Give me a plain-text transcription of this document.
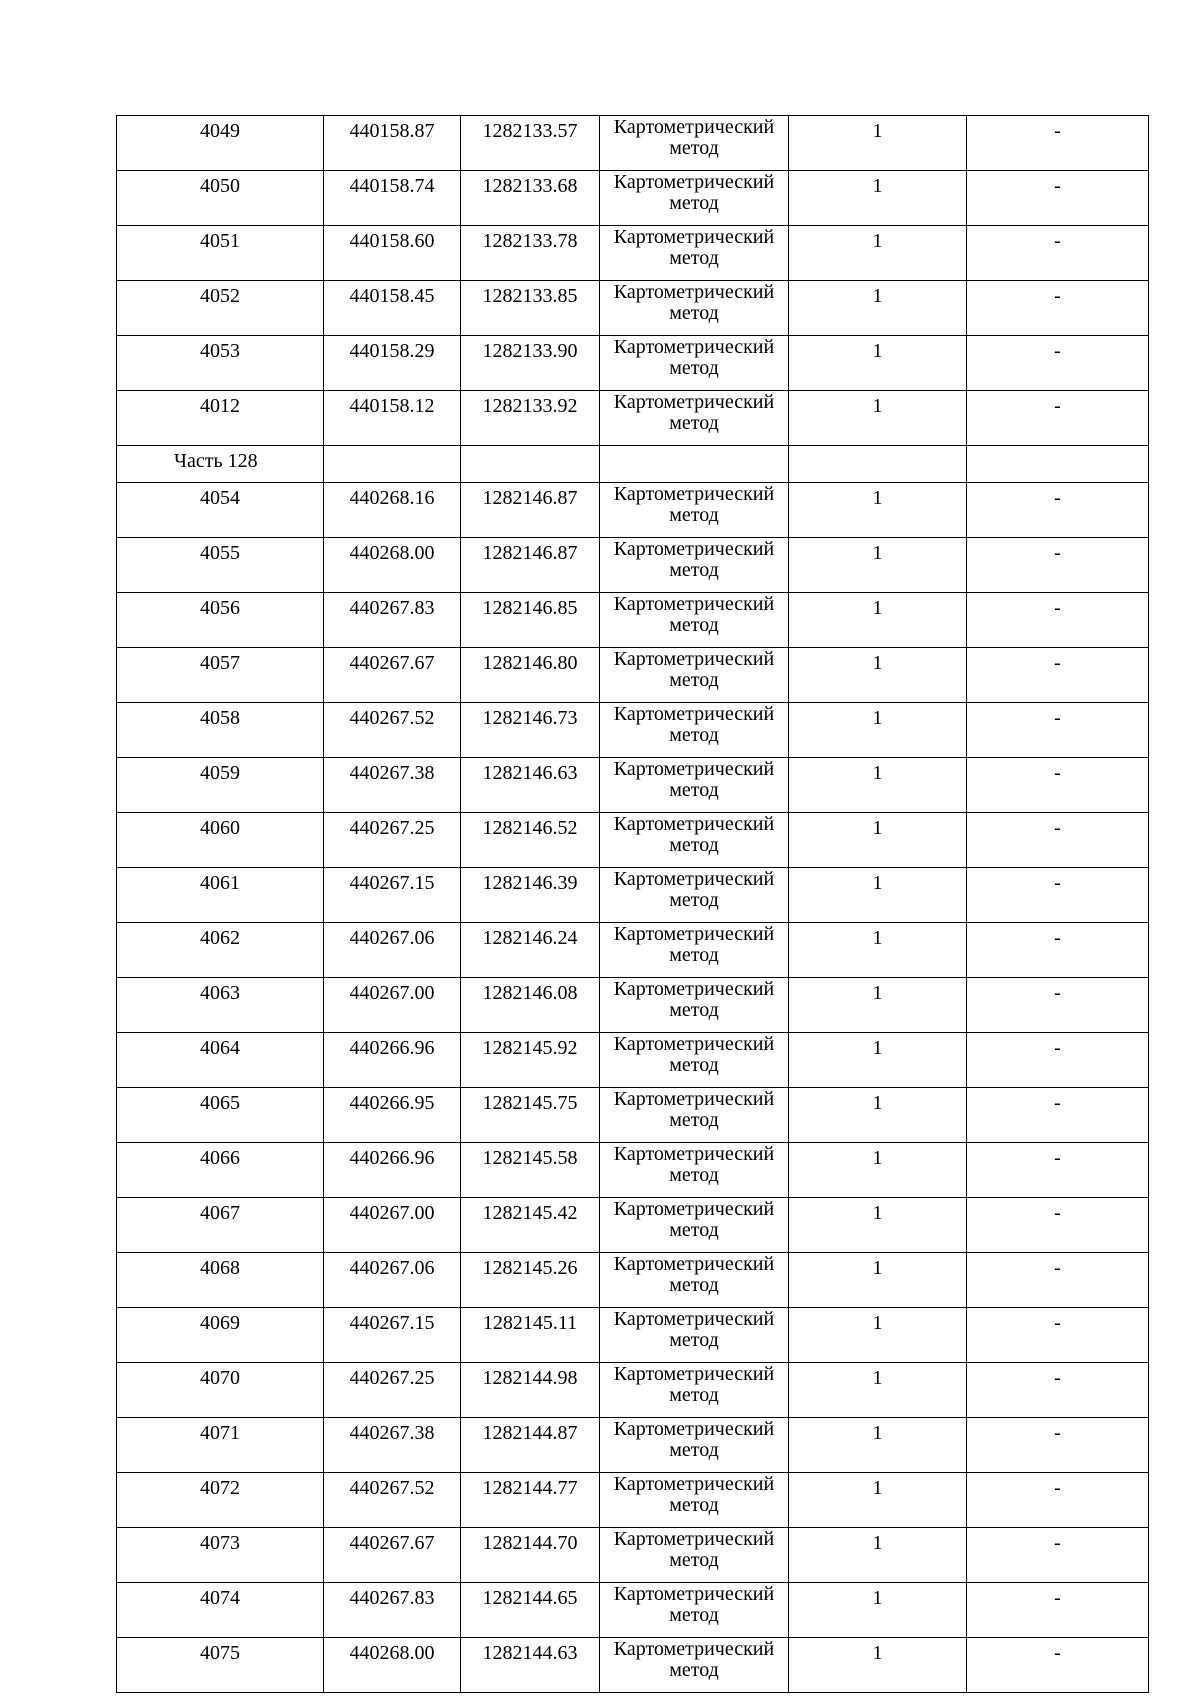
4049	440158.87	1282133.57	Картометрический метод	1	-
4050	440158.74	1282133.68	Картометрический метод	1	-
4051	440158.60	1282133.78	Картометрический метод	1	-
4052	440158.45	1282133.85	Картометрический метод	1	-
4053	440158.29	1282133.90	Картометрический метод	1	-
4012	440158.12	1282133.92	Картометрический метод	1	-
Часть 128					
4054	440268.16	1282146.87	Картометрический метод	1	-
4055	440268.00	1282146.87	Картометрический метод	1	-
4056	440267.83	1282146.85	Картометрический метод	1	-
4057	440267.67	1282146.80	Картометрический метод	1	-
4058	440267.52	1282146.73	Картометрический метод	1	-
4059	440267.38	1282146.63	Картометрический метод	1	-
4060	440267.25	1282146.52	Картометрический метод	1	-
4061	440267.15	1282146.39	Картометрический метод	1	-
4062	440267.06	1282146.24	Картометрический метод	1	-
4063	440267.00	1282146.08	Картометрический метод	1	-
4064	440266.96	1282145.92	Картометрический метод	1	-
4065	440266.95	1282145.75	Картометрический метод	1	-
4066	440266.96	1282145.58	Картометрический метод	1	-
4067	440267.00	1282145.42	Картометрический метод	1	-
4068	440267.06	1282145.26	Картометрический метод	1	-
4069	440267.15	1282145.11	Картометрический метод	1	-
4070	440267.25	1282144.98	Картометрический метод	1	-
4071	440267.38	1282144.87	Картометрический метод	1	-
4072	440267.52	1282144.77	Картометрический метод	1	-
4073	440267.67	1282144.70	Картометрический метод	1	-
4074	440267.83	1282144.65	Картометрический метод	1	-
4075	440268.00	1282144.63	Картометрический метод	1	-
